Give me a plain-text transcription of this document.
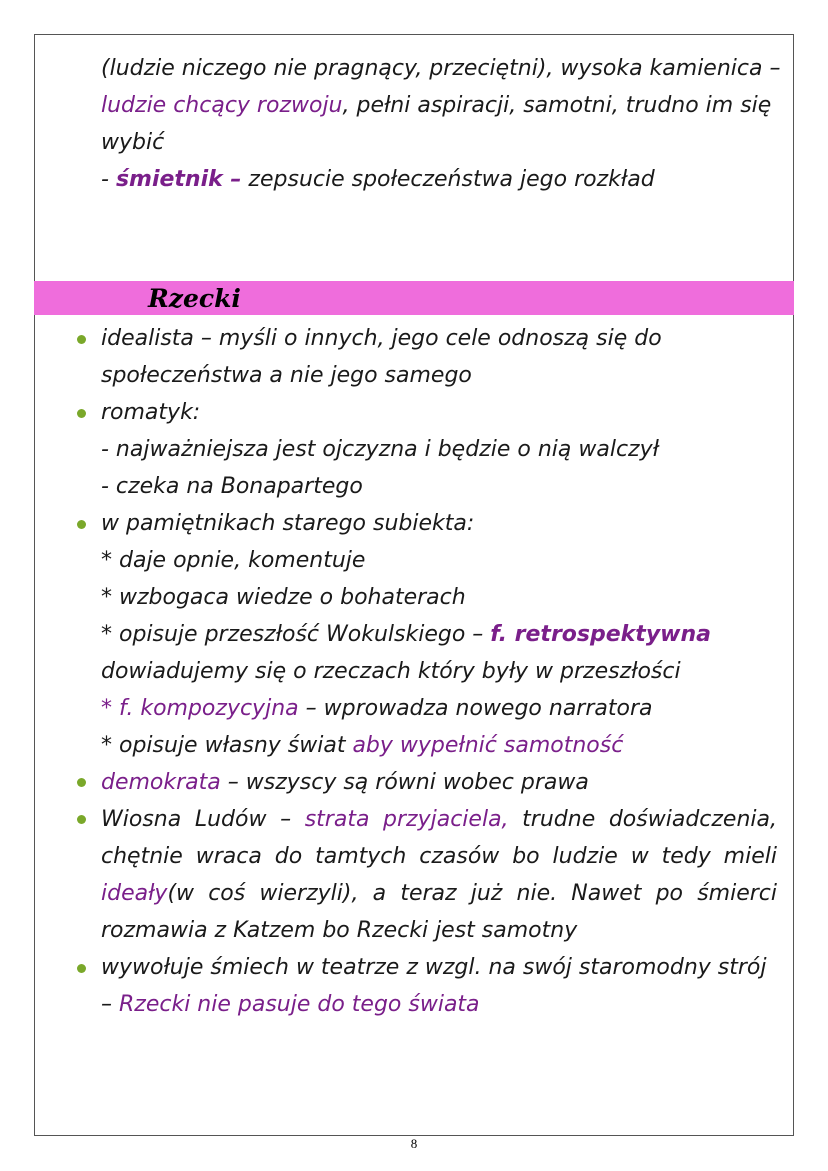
(ludzie niczego nie pragnący, przeciętni), wysoka kamienica –
ludzie chcący rozwoju, pełni aspiracji, samotni, trudno im się
wybić
- śmietnik – zepsucie społeczeństwa jego rozkład
Rzecki
idealista – myśli o innych, jego cele odnoszą się do
społeczeństwa a nie jego samego
romatyk:
- najważniejsza jest ojczyzna i będzie o nią walczył
- czeka na Bonapartego
w pamiętnikach starego subiekta:
* daje opnie, komentuje
* wzbogaca wiedze o bohaterach
* opisuje przeszłość Wokulskiego – f. retrospektywna
dowiadujemy się o rzeczach który były w przeszłości
* f. kompozycyjna – wprowadza nowego narratora
* opisuje własny świat aby wypełnić samotność
demokrata – wszyscy są równi wobec prawa
Wiosna Ludów – strata przyjaciela, trudne doświadczenia,
chętnie wraca do tamtych czasów bo ludzie w tedy mieli
ideały(w coś wierzyli), a teraz już nie. Nawet po śmierci
rozmawia z Katzem bo Rzecki jest samotny
wywołuje śmiech w teatrze z wzgl. na swój staromodny strój
– Rzecki nie pasuje do tego świata
8
